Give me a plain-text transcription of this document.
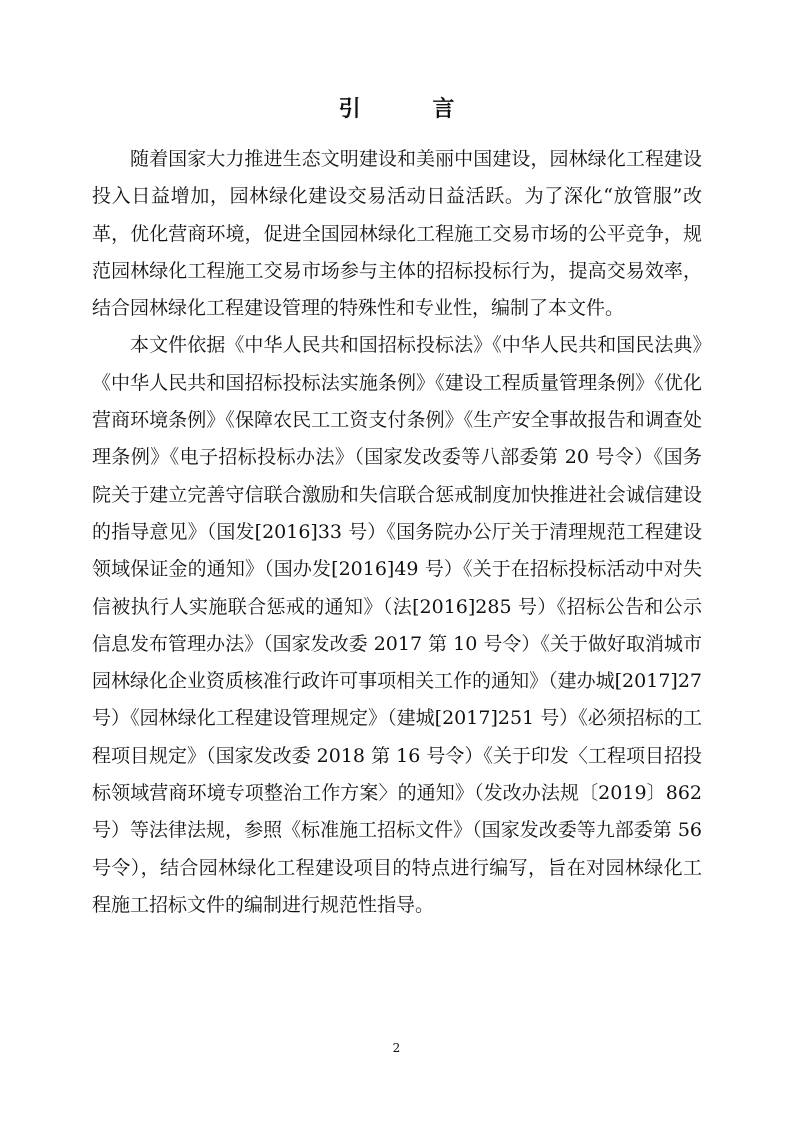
引 言

随着国家大力推进生态文明建设和美丽中国建设，园林绿化工程建设投入日益增加，园林绿化建设交易活动日益活跃。为了深化“放管服”改革，优化营商环境，促进全国园林绿化工程施工交易市场的公平竞争，规范园林绿化工程施工交易市场参与主体的招标投标行为，提高交易效率，结合园林绿化工程建设管理的特殊性和专业性，编制了本文件。

本文件依据《中华人民共和国招标投标法》《中华人民共和国民法典》《中华人民共和国招标投标法实施条例》《建设工程质量管理条例》《优化营商环境条例》《保障农民工工资支付条例》《生产安全事故报告和调查处理条例》《电子招标投标办法》（国家发改委等八部委第 20 号令）《国务院关于建立完善守信联合激励和失信联合惩戒制度加快推进社会诚信建设的指导意见》（国发[2016]33 号）《国务院办公厅关于清理规范工程建设领域保证金的通知》（国办发[2016]49 号）《关于在招标投标活动中对失信被执行人实施联合惩戒的通知》（法[2016]285 号）《招标公告和公示信息发布管理办法》（国家发改委 2017 第 10 号令）《关于做好取消城市园林绿化企业资质核准行政许可事项相关工作的通知》（建办城[2017]27 号）《园林绿化工程建设管理规定》（建城[2017]251 号）《必须招标的工程项目规定》（国家发改委 2018 第 16 号令）《关于印发〈工程项目招投标领域营商环境专项整治工作方案〉的通知》（发改办法规〔2019〕862 号）等法律法规，参照《标准施工招标文件》（国家发改委等九部委第 56 号令），结合园林绿化工程建设项目的特点进行编写，旨在对园林绿化工程施工招标文件的编制进行规范性指导。

2
